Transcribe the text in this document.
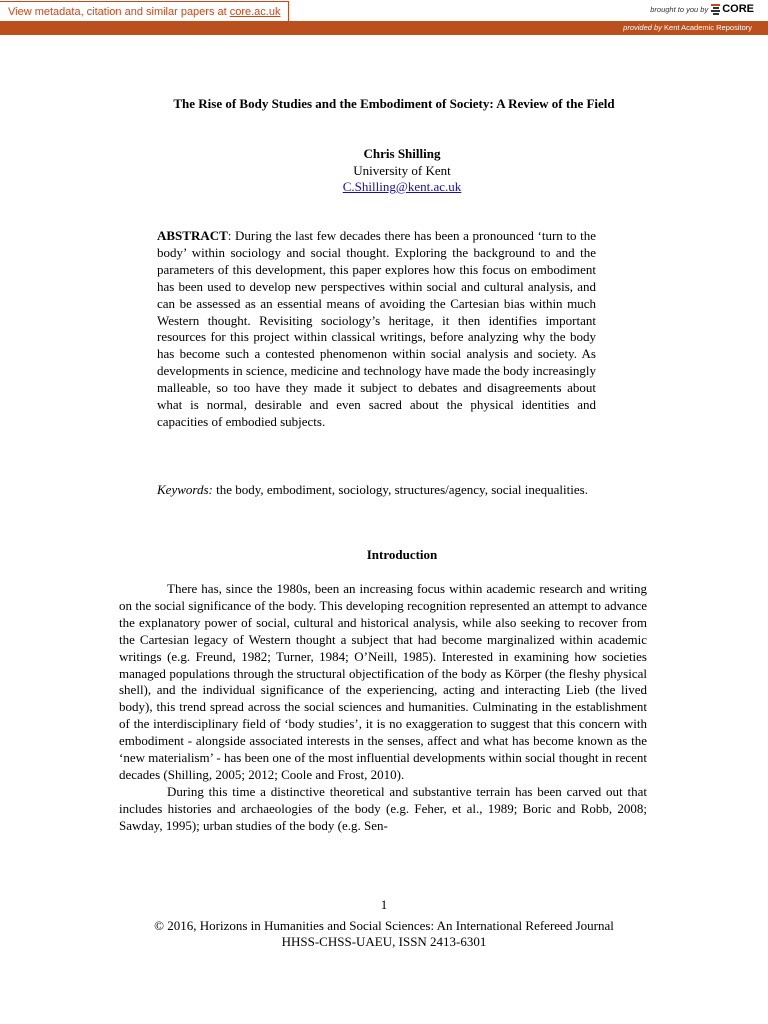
View metadata, citation and similar papers at core.ac.uk	brought to you by CORE
provided by Kent Academic Repository
The Rise of Body Studies and the Embodiment of Society: A Review of the Field
Chris Shilling
University of Kent
C.Shilling@kent.ac.uk
ABSTRACT: During the last few decades there has been a pronounced ‘turn to the body’ within sociology and social thought. Exploring the background to and the parameters of this development, this paper explores how this focus on embodiment has been used to develop new perspectives within social and cultural analysis, and can be assessed as an essential means of avoiding the Cartesian bias within much Western thought. Revisiting sociology’s heritage, it then identifies important resources for this project within classical writings, before analyzing why the body has become such a contested phenomenon within social analysis and society. As developments in science, medicine and technology have made the body increasingly malleable, so too have they made it subject to debates and disagreements about what is normal, desirable and even sacred about the physical identities and capacities of embodied subjects.
Keywords: the body, embodiment, sociology, structures/agency, social inequalities.
Introduction

There has, since the 1980s, been an increasing focus within academic research and writing on the social significance of the body. This developing recognition represented an attempt to advance the explanatory power of social, cultural and historical analysis, while also seeking to recover from the Cartesian legacy of Western thought a subject that had become marginalized within academic writings (e.g. Freund, 1982; Turner, 1984; O’Neill, 1985). Interested in examining how societies managed populations through the structural objectification of the body as Körper (the fleshy physical shell), and the individual significance of the experiencing, acting and interacting Lieb (the lived body), this trend spread across the social sciences and humanities. Culminating in the establishment of the interdisciplinary field of ‘body studies’, it is no exaggeration to suggest that this concern with embodiment - alongside associated interests in the senses, affect and what has become known as the ‘new materialism’ - has been one of the most influential developments within social thought in recent decades (Shilling, 2005; 2012; Coole and Frost, 2010).

During this time a distinctive theoretical and substantive terrain has been carved out that includes histories and archaeologies of the body (e.g. Feher, et al., 1989; Boric and Robb, 2008; Sawday, 1995); urban studies of the body (e.g. Sen-

1
© 2016, Horizons in Humanities and Social Sciences: An International Refereed Journal
HHSS-CHSS-UAEU, ISSN 2413-6301
